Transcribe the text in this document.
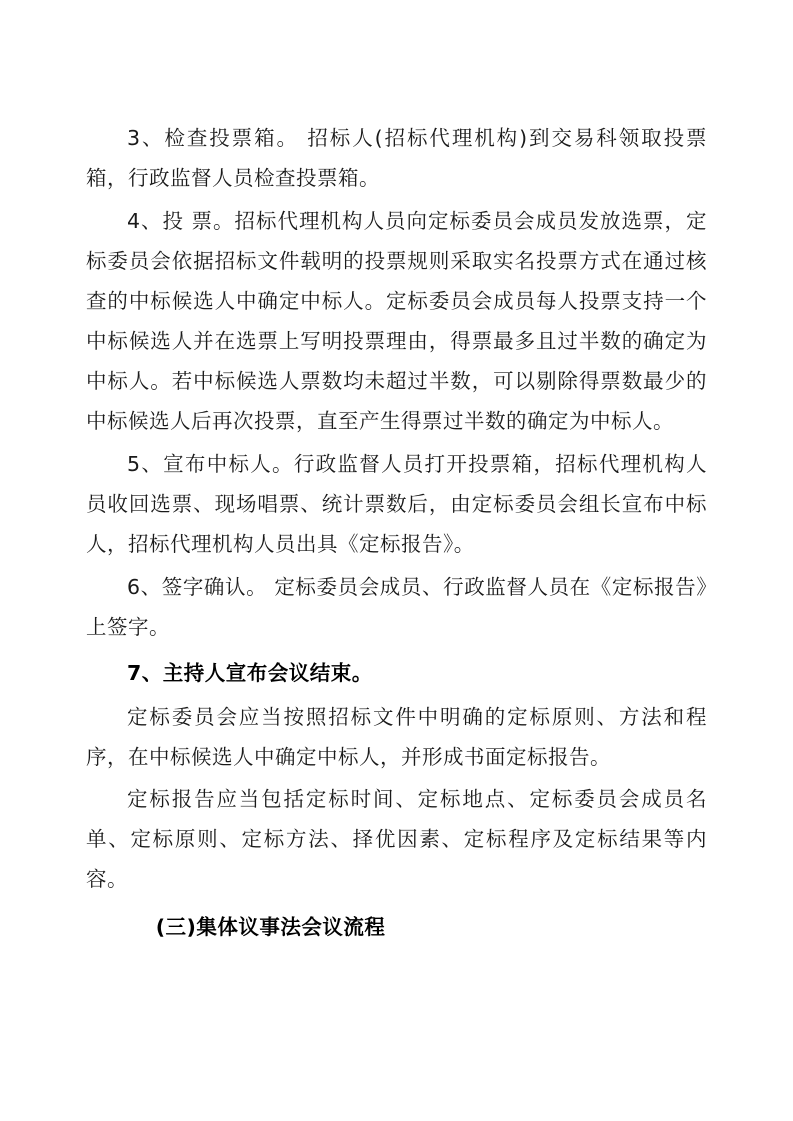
3、检查投票箱。 招标人(招标代理机构)到交易科领取投票箱，行政监督人员检查投票箱。

4、投 票。招标代理机构人员向定标委员会成员发放选票，定标委员会依据招标文件载明的投票规则采取实名投票方式在通过核查的中标候选人中确定中标人。定标委员会成员每人投票支持一个中标候选人并在选票上写明投票理由，得票最多且过半数的确定为中标人。若中标候选人票数均未超过半数，可以剔除得票数最少的中标候选人后再次投票，直至产生得票过半数的确定为中标人。

5、宣布中标人。行政监督人员打开投票箱，招标代理机构人员收回选票、现场唱票、统计票数后，由定标委员会组长宣布中标人，招标代理机构人员出具《定标报告》。

6、签字确认。 定标委员会成员、行政监督人员在《定标报告》上签字。

7、主持人宣布会议结束。

定标委员会应当按照招标文件中明确的定标原则、方法和程序，在中标候选人中确定中标人，并形成书面定标报告。

定标报告应当包括定标时间、定标地点、定标委员会成员名单、定标原则、定标方法、择优因素、定标程序及定标结果等内容。

(三)集体议事法会议流程
